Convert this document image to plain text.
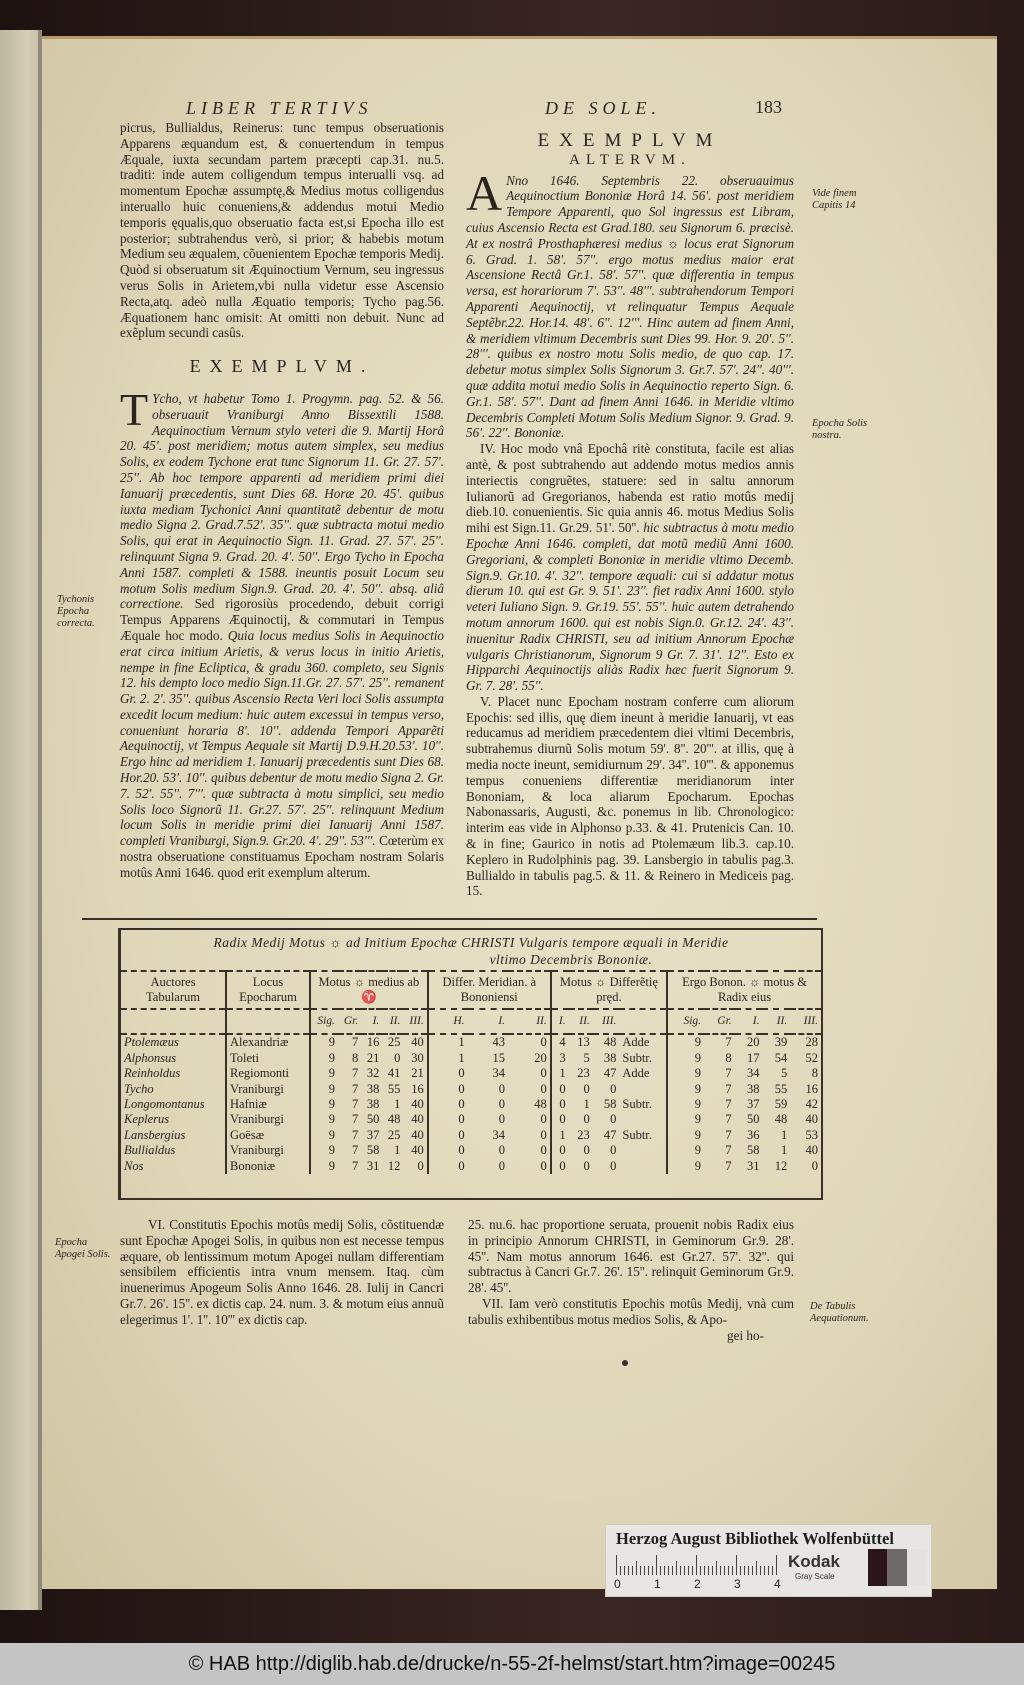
LIBER TERTIVS	DE SOLE.	183

picrus, Bullialdus, Reinerus: tunc tempus obseruationis Apparens æquandum est, & conuertendum in tempus Æquale, iuxta secundam partem præcepti cap.31. nu.5. traditi: inde autem colligendum tempus interualli vsq. ad momentum Epochæ assumptę,& Medius motus colligendus interuallo huic conueniens,& addendus motui Medio temporis ęqualis,quo obseruatio facta est,si Epocha illo est posterior; subtrahendus verò, si prior; & habebis motum Medium seu æqualem, cõuenientem Epochæ temporis Medij. Quòd si obseruatum sit Æquinoctium Vernum, seu ingressus verus Solis in Arietem,vbi nulla videtur esse Ascensio Recta,atq. adeò nulla Æquatio temporis; Tycho pag.56. Æquationem hanc omisit: At omitti non debuit. Nunc ad exẽplum secundi casûs.

EXEMPLVM.

T Ycho, vt habetur Tomo 1. Progymn. pag. 52. & 56. obseruauit Vraniburgi Anno Bissextili 1588. Aequinoctium Vernum stylo veteri die 9. Martij Horâ 20. 45'. post meridiem; motus autem simplex, seu medius Solis, ex eodem Tychone erat tunc Signorum 11. Gr. 27. 57'. 25''. Ab hoc tempore apparenti ad meridiem primi diei Ianuarij præcedentis, sunt Dies 68. Horæ 20. 45'. quibus iuxta mediam Tychonici Anni quantitatẽ debentur de motu medio Signa 2. Grad.7.52'. 35''. quæ subtracta motui medio Solis, qui erat in Aequinoctio Sign. 11. Grad. 27. 57'. 25''. relinquunt Signa 9. Grad. 20. 4'. 50''. Ergo Tycho in Epocha Anni 1587. completi & 1588. ineuntis posuit Locum seu motum Solis medium Sign.9. Grad. 20. 4'. 50''. absq. aliâ correctione. Sed rigorosiùs procedendo, debuit corrigi Tempus Apparens Æquinoctij, & commutari in Tempus Æquale hoc modo. Quia locus medius Solis in Aequinoctio erat circa initium Arietis, & verus locus in initio Arietis, nempe in fine Ecliptica, & gradu 360. completo, seu Signis 12. his dempto loco medio Sign.11.Gr. 27. 57'. 25''. remanent Gr. 2. 2'. 35''. quibus Ascensio Recta Veri loci Solis assumpta excedit locum medium: huic autem excessui in tempus verso, conueniunt horaria 8'. 10''. addenda Tempori Apparẽti Aequinoctij, vt Tempus Aequale sit Martij D.9.H.20.53'. 10''. Ergo hinc ad meridiem 1. Ianuarij præcedentis sunt Dies 68. Hor.20. 53'. 10''. quibus debentur de motu medio Signa 2. Gr. 7. 52'. 55''. 7'''. quæ subtracta à motu simplici, seu medio Solis loco Signorũ 11. Gr.27. 57'. 25''. relinquunt Medium locum Solis in meridie primi diei Ianuarij Anni 1587. completi Vraniburgi, Sign.9. Gr.20. 4'. 29''. 53'''. Cœterùm ex nostra obseruatione constituamus Epocham nostram Solaris motûs Anni 1646. quod erit exemplum alterum.

EXEMPLVM
ALTERVM.

A Nno 1646. Septembris 22. obseruauimus Aequinoctium Bononiæ Horâ 14. 56'. post meridiem Tempore Apparenti, quo Sol ingressus est Libram, cuius Ascensio Recta est Grad.180. seu Signorum 6. præcisè. At ex nostrâ Prosthaphæresi medius ☼ locus erat Signorum 6. Grad. 1. 58'. 57''. ergo motus medius maior erat Ascensione Rectâ Gr.1. 58'. 57''. quæ differentia in tempus versa, est horariorum 7'. 53''. 48'''. subtrahendorum Tempori Apparenti Aequinoctij, vt relinquatur Tempus Aequale Septẽbr.22. Hor.14. 48'. 6''. 12'''. Hinc autem ad finem Anni, & meridiem vltimum Decembris sunt Dies 99. Hor. 9. 20'. 5''. 28'''. quibus ex nostro motu Solis medio, de quo cap. 17. debetur motus simplex Solis Signorum 3. Gr.7. 57'. 24''. 40'''. quæ addita motui medio Solis in Aequinoctio reperto Sign. 6. Gr.1. 58'. 57''. Dant ad finem Anni 1646. in Meridie vltimo Decembris Completi Motum Solis Medium Signor. 9. Grad. 9. 56'. 22''. Bononiæ.

IV. Hoc modo vnâ Epochâ ritè constituta, facile est alias antè, & post subtrahendo aut addendo motus medios annis interiectis congruẽtes, statuere: sed in saltu annorum Iulianorũ ad Gregorianos, habenda est ratio motûs medij dieb.10. conuenientis. Sic quia annis 46. motus Medius Solis mihi est Sign.11. Gr.29. 51'. 50''. hic subtractus à motu medio Epochæ Anni 1646. completi, dat motũ mediũ Anni 1600. Gregoriani, & completi Bononiæ in meridie vltimo Decemb. Sign.9. Gr.10. 4'. 32''. tempore æquali: cui si addatur motus dierum 10. qui est Gr. 9. 51'. 23''. fiet radix Anni 1600. stylo veteri Iuliano Sign. 9. Gr.19. 55'. 55''. huic autem detrahendo motum annorum 1600. qui est nobis Sign.0. Gr.12. 24'. 43''. inuenitur Radix CHRISTI, seu ad initium Annorum Epochæ vulgaris Christianorum, Signorum 9 Gr. 7. 31'. 12''. Esto ex Hipparchi Aequinoctijs aliàs Radix hæc fuerit Signorum 9. Gr. 7. 28'. 55''.

V. Placet nunc Epocham nostram conferre cum aliorum Epochis: sed illis, quę diem ineunt à meridie Ianuarij, vt eas reducamus ad meridiem præcedentem diei vltimi Decembris, subtrahemus diurnũ Solis motum 59'. 8''. 20'''. at illis, quę à media nocte ineunt, semidiurnum 29'. 34''. 10'''. & apponemus tempus conueniens differentiæ meridianorum inter Bononiam, & loca aliarum Epocharum. Epochas Nabonassaris, Augusti, &c. ponemus in lib. Chronologico: interim eas vide in Alphonso p.33. & 41. Prutenicis Can. 10. & in fine; Gaurico in notis ad Ptolemæum lib.3. cap.10. Keplero in Rudolphinis pag. 39. Lansbergio in tabulis pag.3. Bullialdo in tabulis pag.5. & 11. & Reinero in Mediceis pag. 15.

Vide finem Capitis 14
Epocha Solis nostra.
Tychonis Epocha correcta.
Epocha Apogei Solis.
De Tabulis Aequationum.
Radix Medij Motus ☼ ad Initium Epochæ CHRISTI Vulgaris tempore æquali in Meridie
vltimo Decembris Bononiæ.
Auctores Tabularum	Locus Epocharum	Motus ☼ medius ab ♈					Differ. Meridian. à Bononiensi			Motus ☼ Differẽtię pręd.				Ergo Bonon. ☼ motus & Radix eius				
		Sig.	Gr.	I.	II.	III.	H.	I.	II.	I.	II.	III.		Sig.	Gr.	I.	II.	III.
Ptolemæus	Alexandriæ	9	7	16	25	40	1	43	0	4	13	48	Adde	9	7	20	39	28
Alphonsus	Toleti	9	8	21	0	30	1	15	20	3	5	38	Subtr.	9	8	17	54	52
Reinholdus	Regiomonti	9	7	32	41	21	0	34	0	1	23	47	Adde	9	7	34	5	8
Tycho	Vraniburgi	9	7	38	55	16	0	0	0	0	0	0		9	7	38	55	16
Longomontanus	Hafniæ	9	7	38	1	40	0	0	48	0	1	58	Subtr.	9	7	37	59	42
Keplerus	Vraniburgi	9	7	50	48	40	0	0	0	0	0	0		9	7	50	48	40
Lansbergius	Goësæ	9	7	37	25	40	0	34	0	1	23	47	Subtr.	9	7	36	1	53
Bullialdus	Vraniburgi	9	7	58	1	40	0	0	0	0	0	0		9	7	58	1	40
Nos	Bononiæ	9	7	31	12	0	0	0	0	0	0	0		9	7	31	12	0

VI. Constitutis Epochis motûs medij Solis, cõstituendæ sunt Epochæ Apogei Solis, in quibus non est necesse tempus æquare, ob lentissimum motum Apogei nullam differentiam sensibilem efficientis intra vnum mensem. Itaq. cùm inuenerimus Apogeum Solis Anno 1646. 28. Iulij in Cancri Gr.7. 26'. 15''. ex dictis cap. 24. num. 3. & motum eius annuũ elegerimus 1'. 1''. 10''' ex dictis cap.

25. nu.6. hac proportione seruata, prouenit nobis Radix eius in principio Annorum CHRISTI, in Geminorum Gr.9. 28'. 45''. Nam motus annorum 1646. est Gr.27. 57'. 32''. qui subtractus à Cancri Gr.7. 26'. 15''. relinquit Geminorum Gr.9. 28'. 45''.

VII. Iam verò constitutis Epochis motûs Medij, vnà cum tabulis exhibentibus motus medios Solis, & Apo-

gei ho-

Herzog August Bibliothek Wolfenbüttel
0	1	2	3	4
Kodak
Gray Scale
© HAB http://diglib.hab.de/drucke/n-55-2f-helmst/start.htm?image=00245
